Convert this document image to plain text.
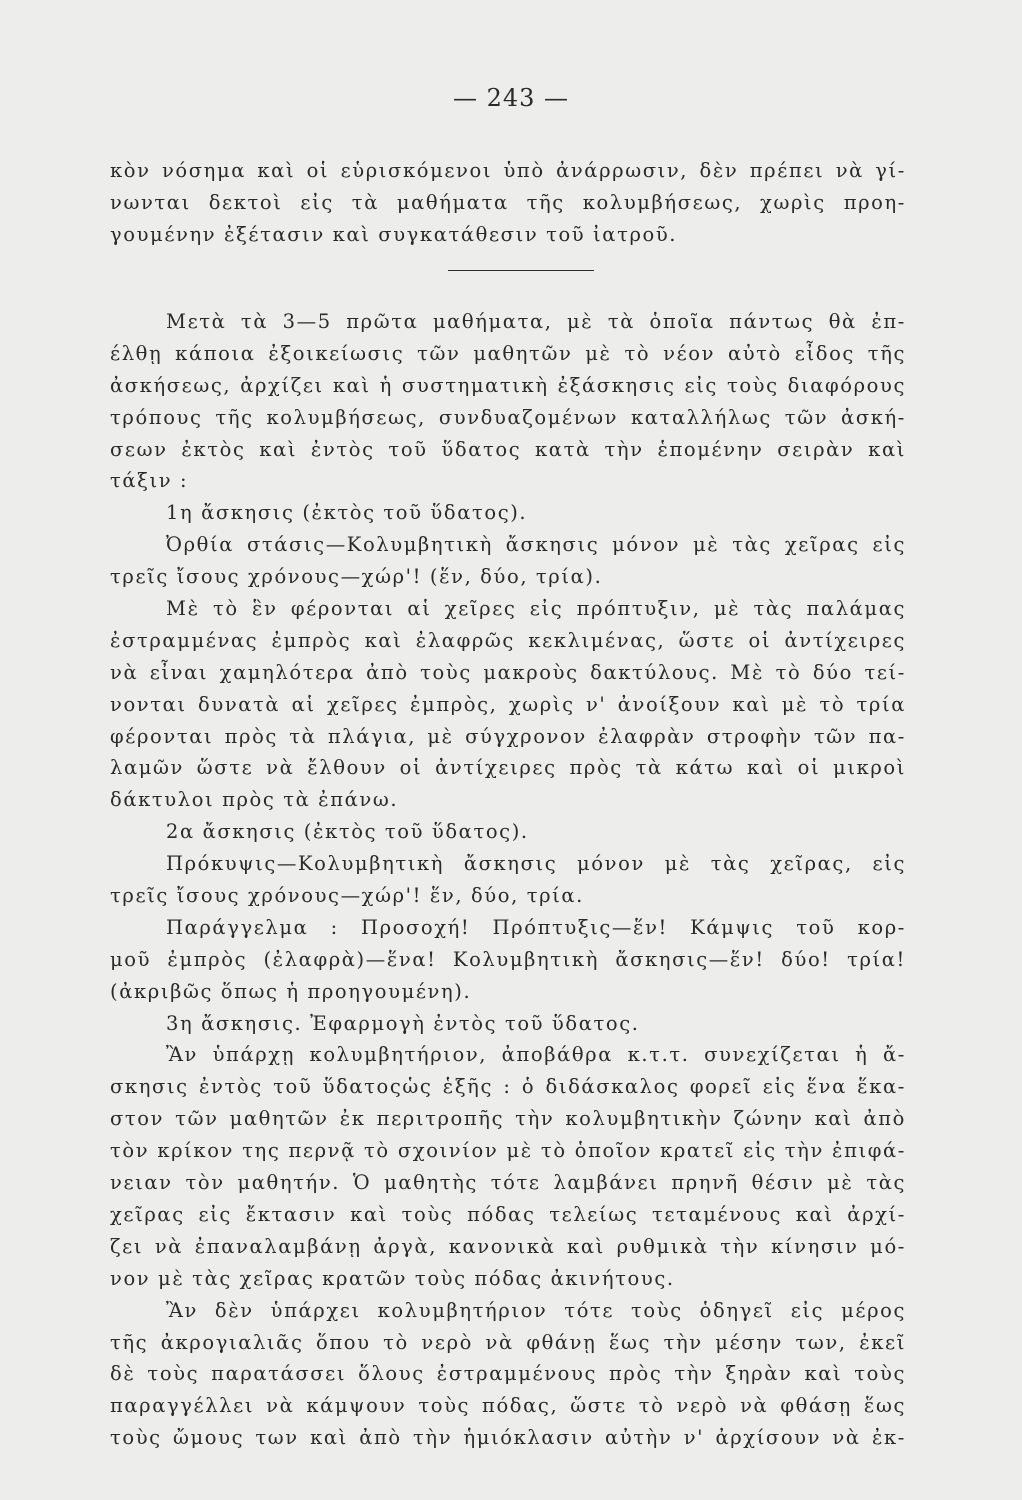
— 243 —
κὸν νόσημα καὶ οἱ εὑρισκόμενοι ὑπὸ ἀνάρρωσιν, δὲν πρέπει νὰ γί-
νωνται δεκτοὶ εἰς τὰ μαθήματα τῆς κολυμβήσεως, χωρὶς προη-
γουμένην ἐξέτασιν καὶ συγκατάθεσιν τοῦ ἰατροῦ.
Μετὰ τὰ 3—5 πρῶτα μαθήματα, μὲ τὰ ὁποῖα πάντως θὰ ἐπ-
έλθῃ κάποια ἐξοικείωσις τῶν μαθητῶν μὲ τὸ νέον αὐτὸ εἶδος τῆς
ἀσκήσεως, ἀρχίζει καὶ ἡ συστηματικὴ ἐξάσκησις εἰς τοὺς διαφόρους
τρόπους τῆς κολυμβήσεως, συνδυαζομένων καταλλήλως τῶν ἀσκή-
σεων ἐκτὸς καὶ ἐντὸς τοῦ ὕδατος κατὰ τὴν ἑπομένην σειρὰν καὶ
τάξιν :
1η ἄσκησις (ἐκτὸς τοῦ ὕδατος).
Ὀρθία στάσις—Κολυμβητικὴ ἄσκησις μόνον μὲ τὰς χεῖρας εἰς
τρεῖς ἴσους χρόνους—χώρ'! (ἕν, δύο, τρία).
Μὲ τὸ ἓν φέρονται αἱ χεῖρες εἰς πρόπτυξιν, μὲ τὰς παλάμας
ἐστραμμένας ἐμπρὸς καὶ ἐλαφρῶς κεκλιμένας, ὥστε οἱ ἀντίχειρες
νὰ εἶναι χαμηλότερα ἀπὸ τοὺς μακροὺς δακτύλους. Μὲ τὸ δύο τεί-
νονται δυνατὰ αἱ χεῖρες ἐμπρὸς, χωρὶς ν' ἀνοίξουν καὶ μὲ τὸ τρία
φέρονται πρὸς τὰ πλάγια, μὲ σύγχρονον ἐλαφρὰν στροφὴν τῶν πα-
λαμῶν ὥστε νὰ ἔλθουν οἱ ἀντίχειρες πρὸς τὰ κάτω καὶ οἱ μικροὶ
δάκτυλοι πρὸς τὰ ἐπάνω.
2α ἄσκησις (ἐκτὸς τοῦ ὕδατος).
Πρόκυψις—Κολυμβητικὴ ἄσκησις μόνον μὲ τὰς χεῖρας, εἰς
τρεῖς ἴσους χρόνους—χώρ'! ἕν, δύο, τρία.
Παράγγελμα : Προσοχή! Πρόπτυξις—ἕν! Κάμψις τοῦ κορ-
μοῦ ἐμπρὸς (ἐλαφρὰ)—ἕνα! Κολυμβητικὴ ἄσκησις—ἕν! δύο! τρία!
(ἀκριβῶς ὅπως ἡ προηγουμένη).
3η ἄσκησις. Ἐφαρμογὴ ἐντὸς τοῦ ὕδατος.
Ἂν ὑπάρχῃ κολυμβητήριον, ἀποβάθρα κ.τ.τ. συνεχίζεται ἡ ἄ-
σκησις ἐντὸς τοῦ ὕδατοςὡς ἑξῆς : ὁ διδάσκαλος φορεῖ εἰς ἕνα ἕκα-
στον τῶν μαθητῶν ἐκ περιτροπῆς τὴν κολυμβητικὴν ζώνην καὶ ἀπὸ
τὸν κρίκον της περνᾷ τὸ σχοινίον μὲ τὸ ὁποῖον κρατεῖ εἰς τὴν ἐπιφά-
νειαν τὸν μαθητήν. Ὁ μαθητὴς τότε λαμβάνει πρηνῆ θέσιν μὲ τὰς
χεῖρας εἰς ἔκτασιν καὶ τοὺς πόδας τελείως τεταμένους καὶ ἀρχί-
ζει νὰ ἐπαναλαμβάνῃ ἀργὰ, κανονικὰ καὶ ρυθμικὰ τὴν κίνησιν μό-
νον μὲ τὰς χεῖρας κρατῶν τοὺς πόδας ἀκινήτους.
Ἂν δὲν ὑπάρχει κολυμβητήριον τότε τοὺς ὁδηγεῖ εἰς μέρος
τῆς ἀκρογιαλιᾶς ὅπου τὸ νερὸ νὰ φθάνῃ ἕως τὴν μέσην των, ἐκεῖ
δὲ τοὺς παρατάσσει ὅλους ἐστραμμένους πρὸς τὴν ξηρὰν καὶ τοὺς
παραγγέλλει νὰ κάμψουν τοὺς πόδας, ὥστε τὸ νερὸ νὰ φθάσῃ ἕως
τοὺς ὤμους των καὶ ἀπὸ τὴν ἡμιόκλασιν αὐτὴν ν' ἀρχίσουν νὰ ἐκ-
